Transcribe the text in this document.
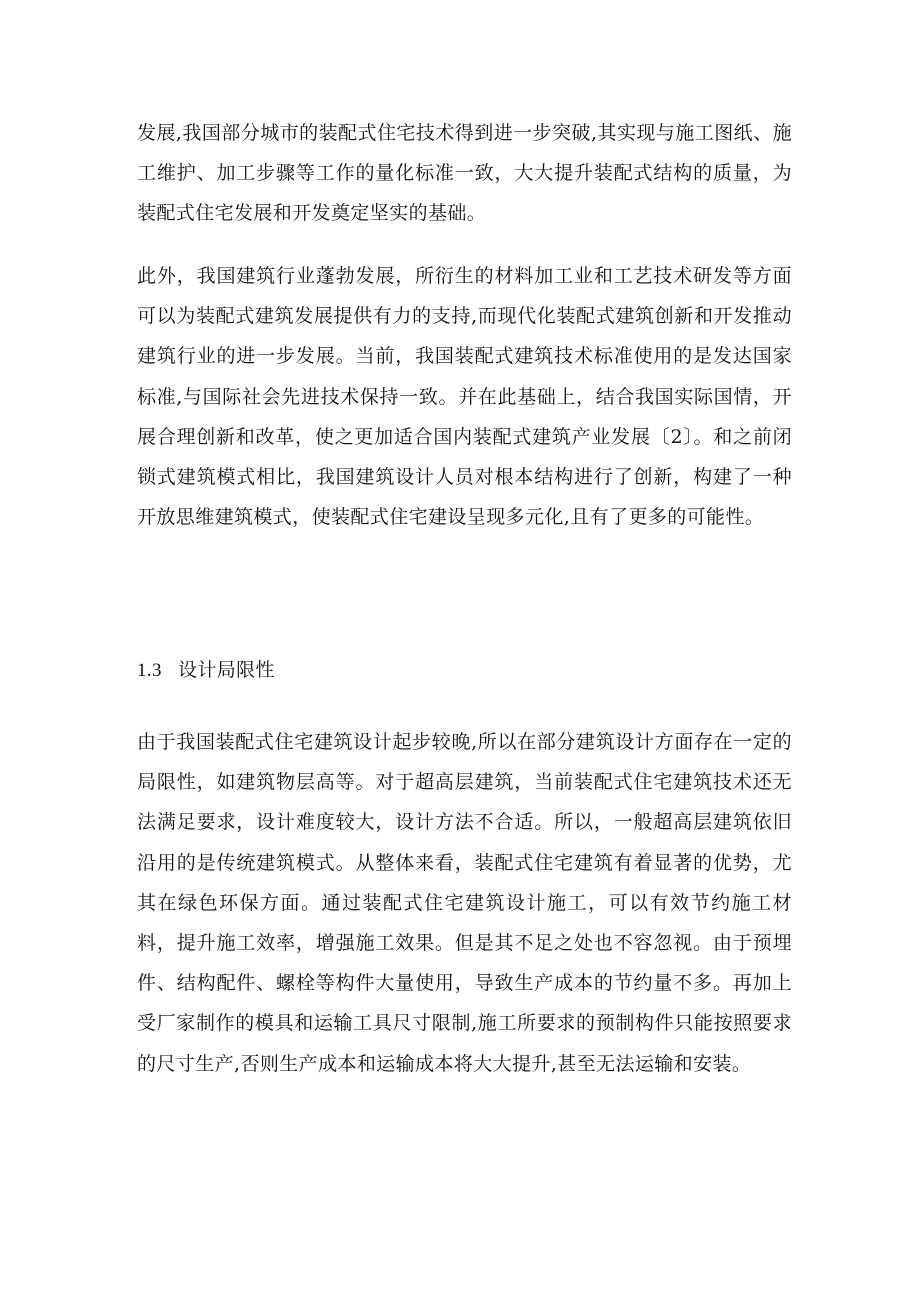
发展,我国部分城市的装配式住宅技术得到进一步突破,其实现与施工图纸、施工维护、加工步骤等工作的量化标准一致，大大提升装配式结构的质量，为装配式住宅发展和开发奠定坚实的基础。

此外，我国建筑行业蓬勃发展，所衍生的材料加工业和工艺技术研发等方面可以为装配式建筑发展提供有力的支持,而现代化装配式建筑创新和开发推动建筑行业的进一步发展。当前，我国装配式建筑技术标准使用的是发达国家标准,与国际社会先进技术保持一致。并在此基础上，结合我国实际国情，开展合理创新和改革，使之更加适合国内装配式建筑产业发展〔2〕。和之前闭锁式建筑模式相比，我国建筑设计人员对根本结构进行了创新，构建了一种开放思维建筑模式，使装配式住宅建设呈现多元化,且有了更多的可能性。

1.3 设计局限性

由于我国装配式住宅建筑设计起步较晚,所以在部分建筑设计方面存在一定的局限性，如建筑物层高等。对于超高层建筑，当前装配式住宅建筑技术还无法满足要求，设计难度较大，设计方法不合适。所以，一般超高层建筑依旧沿用的是传统建筑模式。从整体来看，装配式住宅建筑有着显著的优势，尤其在绿色环保方面。通过装配式住宅建筑设计施工，可以有效节约施工材料，提升施工效率，增强施工效果。但是其不足之处也不容忽视。由于预埋件、结构配件、螺栓等构件大量使用，导致生产成本的节约量不多。再加上受厂家制作的模具和运输工具尺寸限制,施工所要求的预制构件只能按照要求的尺寸生产,否则生产成本和运输成本将大大提升,甚至无法运输和安装。
